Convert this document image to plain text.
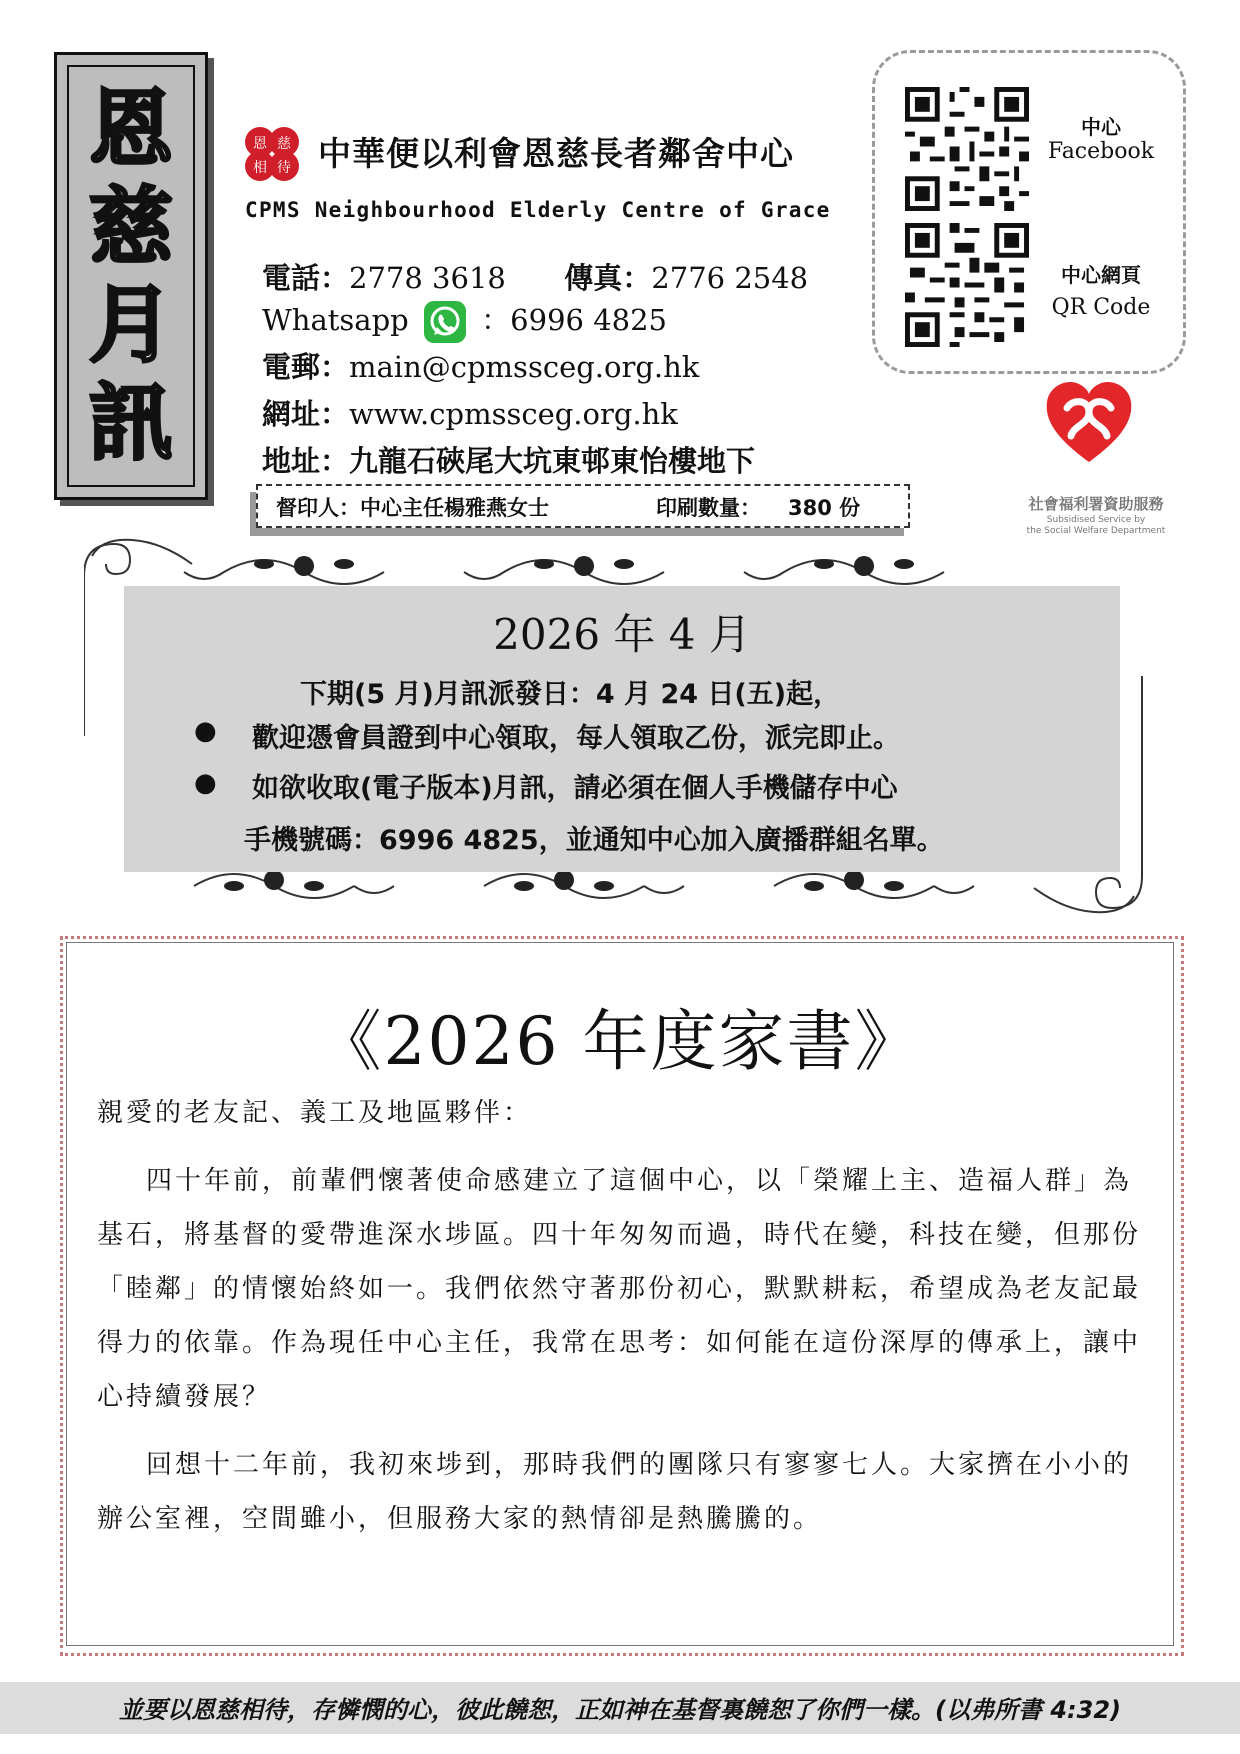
恩
慈
月
訊
恩 慈
相 待 中華便以利會恩慈長者鄰舍中心
CPMS Neighbourhood Elderly Centre of Grace
電話：2778 3618 傳真：2776 2548
Whatsapp ：6996 4825
電郵：main@cpmssceg.org.hk
網址：www.cpmssceg.org.hk
地址：九龍石硤尾大坑東邨東怡樓地下
督印人：中心主任楊雅燕女士	印刷數量： 380 份
中心
Facebook
中心網頁
QR Code
社會福利署資助服務
Subsidised Service by
the Social Welfare Department
2026 年 4 月
下期(5 月)月訊派發日：4 月 24 日(五)起，
● 歡迎憑會員證到中心領取，每人領取乙份，派完即止。
● 如欲收取(電子版本)月訊，請必須在個人手機儲存中心
手機號碼：6996 4825，並通知中心加入廣播群組名單。
《2026 年度家書》
親愛的老友記、義工及地區夥伴：
四十年前，前輩們懷著使命感建立了這個中心，以「榮耀上主、造福人群」為
基石，將基督的愛帶進深水埗區。四十年匆匆而過，時代在變，科技在變，但那份
「睦鄰」的情懷始終如一。我們依然守著那份初心，默默耕耘，希望成為老友記最
得力的依靠。作為現任中心主任，我常在思考：如何能在這份深厚的傳承上，讓中
心持續發展？
回想十二年前，我初來埗到，那時我們的團隊只有寥寥七人。大家擠在小小的
辦公室裡，空間雖小，但服務大家的熱情卻是熱騰騰的。
並要以恩慈相待，存憐憫的心，彼此饒恕，正如神在基督裏饒恕了你們一樣。(以弗所書 4:32)
